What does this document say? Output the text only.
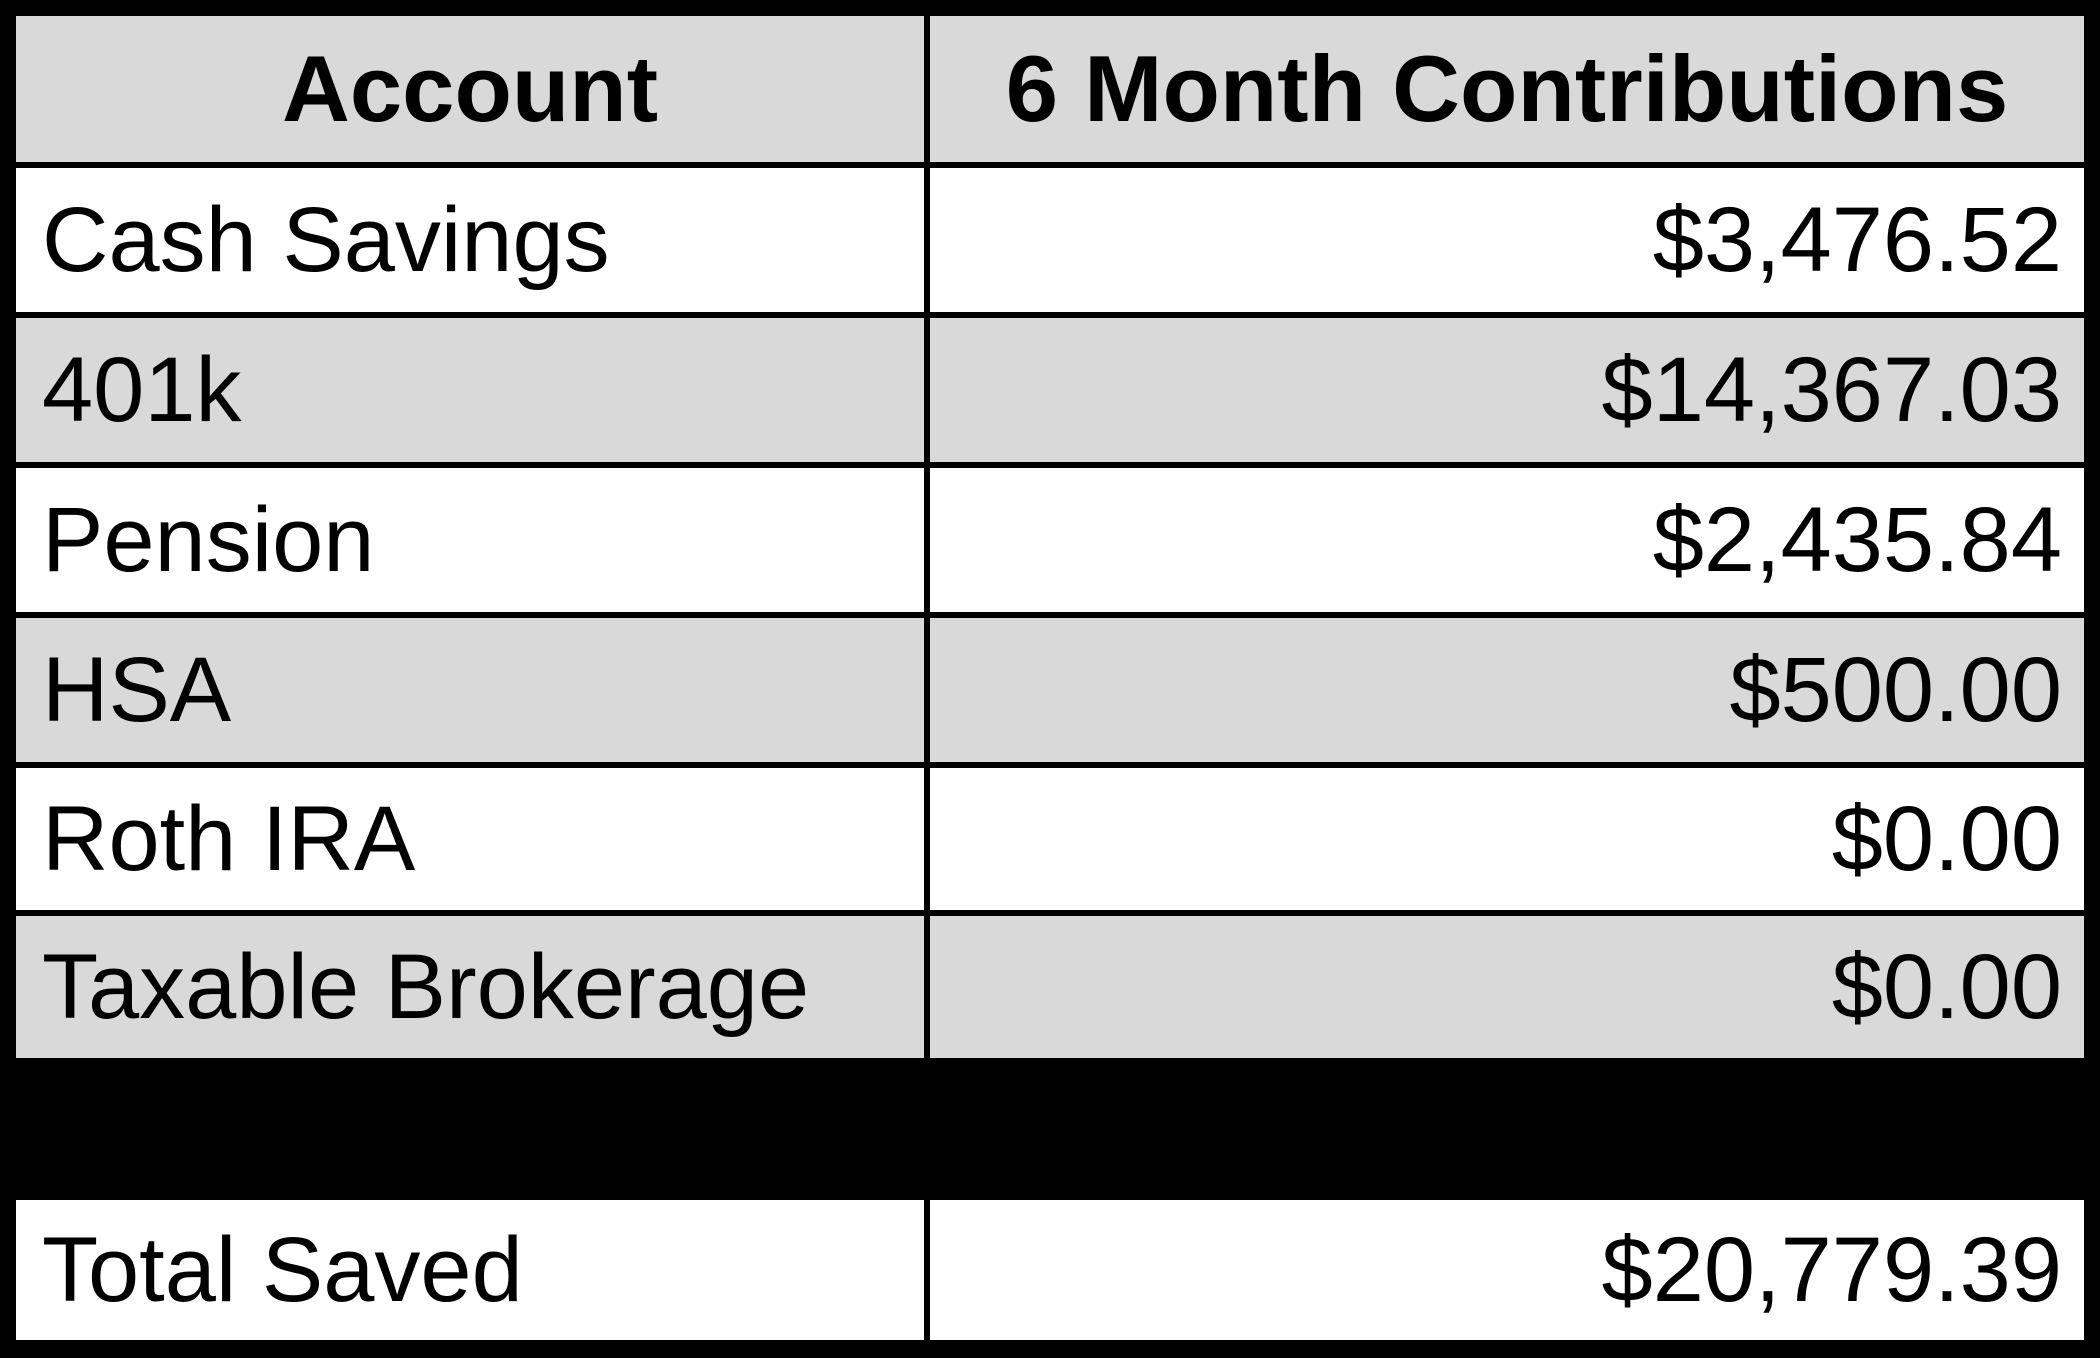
Account	6 Month Contributions
Cash Savings	$3,476.52
401k	$14,367.03
Pension	$2,435.84
HSA	$500.00
Roth IRA	$0.00
Taxable Brokerage	$0.00
Total Saved	$20,779.39
